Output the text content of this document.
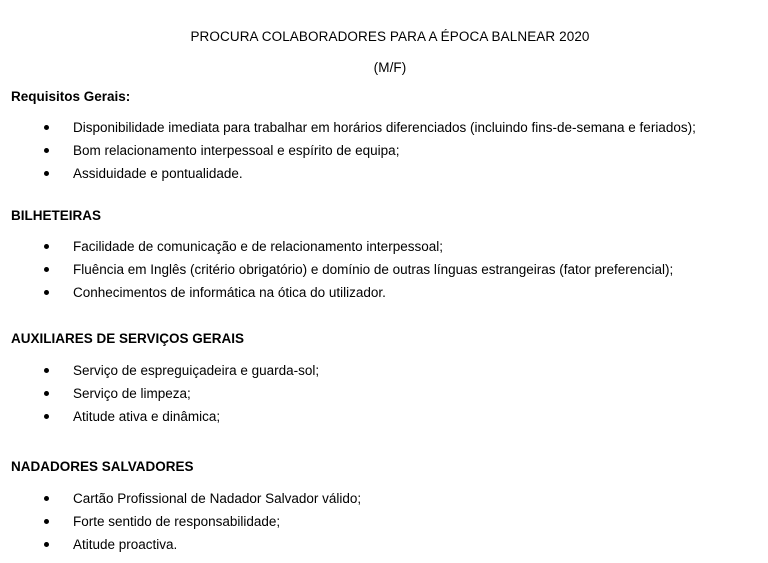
PROCURA COLABORADORES PARA A ÉPOCA BALNEAR 2020
(M/F)
Requisitos Gerais:
Disponibilidade imediata para trabalhar em horários diferenciados (incluindo fins-de-semana e feriados);
Bom relacionamento interpessoal e espírito de equipa;
Assiduidade e pontualidade.
BILHETEIRAS
Facilidade de comunicação e de relacionamento interpessoal;
Fluência em Inglês (critério obrigatório) e domínio de outras línguas estrangeiras (fator preferencial);
Conhecimentos de informática na ótica do utilizador.
AUXILIARES DE SERVIÇOS GERAIS
Serviço de espreguiçadeira e guarda-sol;
Serviço de limpeza;
Atitude ativa e dinâmica;
NADADORES SALVADORES
Cartão Profissional de Nadador Salvador válido;
Forte sentido de responsabilidade;
Atitude proactiva.
